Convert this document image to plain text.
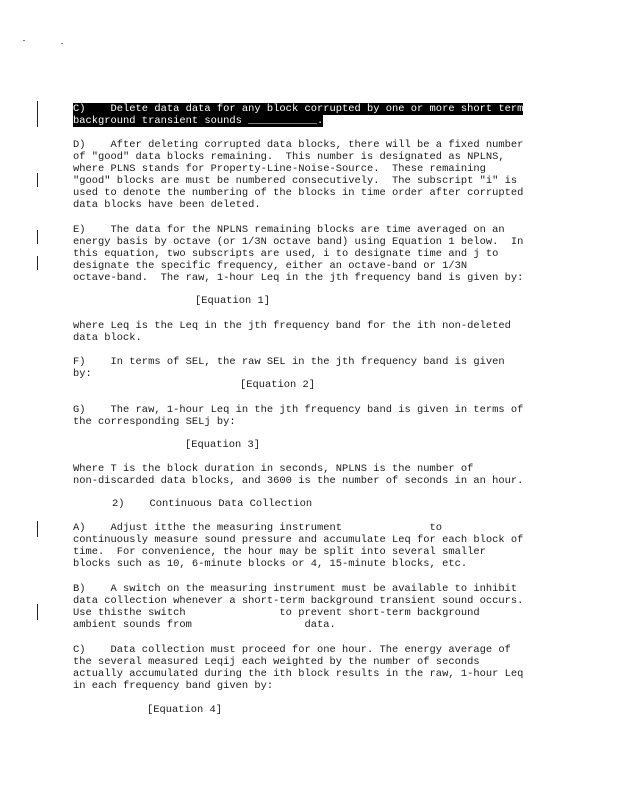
C)    Delete data data for any block corrupted by one or more short term
background transient sounds ___________.
D)    After deleting corrupted data blocks, there will be a fixed number
of "good" data blocks remaining.  This number is designated as NPLNS,
where PLNS stands for Property-Line-Noise-Source.  These remaining
"good" blocks are must be numbered consecutively.  The subscript "i" is
used to denote the numbering of the blocks in time order after corrupted
data blocks have been deleted.
E)    The data for the NPLNS remaining blocks are time averaged on an
energy basis by octave (or 1/3N octave band) using Equation 1 below.  In
this equation, two subscripts are used, i to designate time and j to
designate the specific frequency, either an octave-band or 1/3N
octave-band.  The raw, 1-hour Leq in the jth frequency band is given by:
[Equation 1]
where Leq is the Leq in the jth frequency band for the ith non-deleted
data block.
F)    In terms of SEL, the raw SEL in the jth frequency band is given
by:
[Equation 2]
G)    The raw, 1-hour Leq in the jth frequency band is given in terms of
the corresponding SELj by:
[Equation 3]
Where T is the block duration in seconds, NPLNS is the number of
non-discarded data blocks, and 3600 is the number of seconds in an hour.
2)    Continuous Data Collection
A)    Adjust itthe the measuring instrument              to
continuously measure sound pressure and accumulate Leq for each block of
time.  For convenience, the hour may be split into several smaller
blocks such as 10, 6-minute blocks or 4, 15-minute blocks, etc.
B)    A switch on the measuring instrument must be available to inhibit
data collection whenever a short-term background transient sound occurs.
Use thisthe switch               to prevent short-term background
ambient sounds from                  data.
C)    Data collection must proceed for one hour. The energy average of
the several measured Leqij each weighted by the number of seconds
actually accumulated during the ith block results in the raw, 1-hour Leq
in each frequency band given by:
[Equation 4]
